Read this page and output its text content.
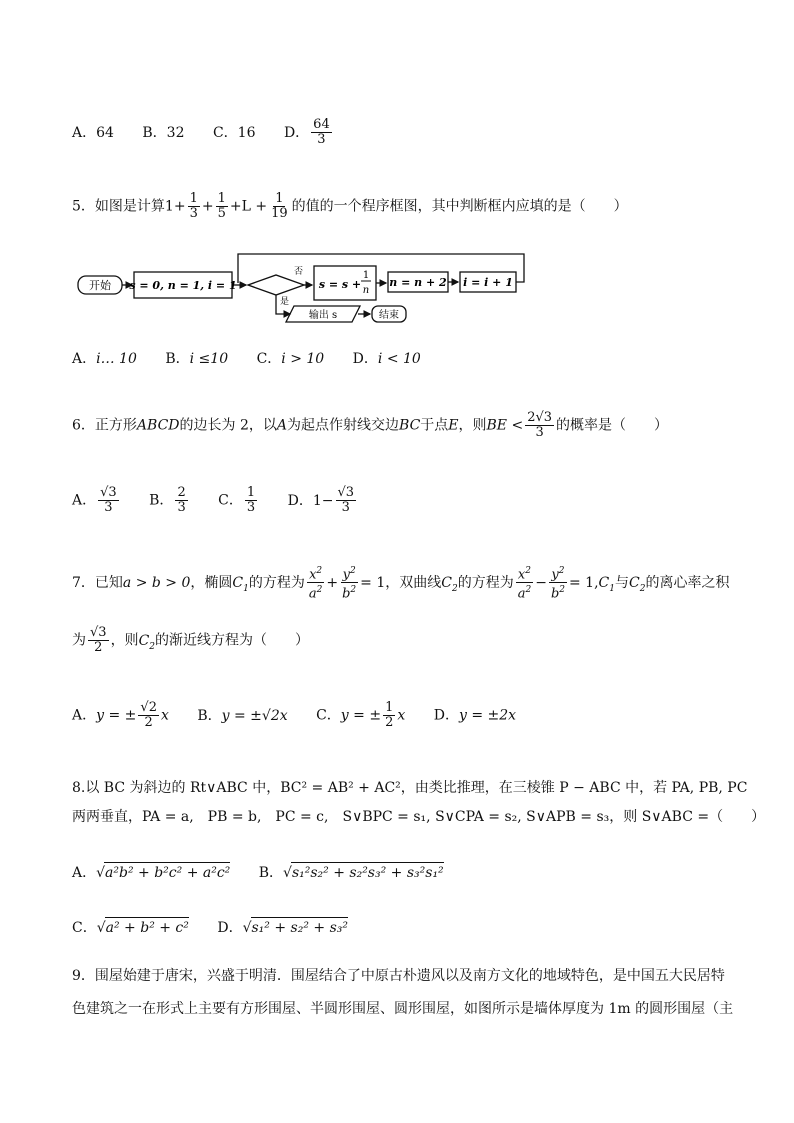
A．64 B．32 C．16 D． $\frac{64}{3}$
5．如图是计算$1+ \frac{1}{3} + \frac{1}{5} +L + \frac{1}{19}$ 的值的一个程序框图，其中判断框内应填的是（　　）
开始 s = 0, n = 1, i = 1
否
是
s = s +
1
n
n = n + 2 i = i + 1
输出 s	结束
A．i… 10 B．i ≤10 C．i > 10 D．i < 10
6．正方形ABCD的边长为 2，以A为起点作射线交边BC于点E，则BE < $\frac{2√3}{3}$ 的概率是（　　）
A． $\frac{√3}{3}$ B． $\frac{2}{3}$ C． $\frac{1}{3}$ D．$1- \frac{√3}{3}$
7．已知a > b > 0，椭圆$C_1$的方程为 $\frac{x^2}{a^2} + \frac{y^2}{b^2} = 1$，双曲线$C_2$的方程为 $\frac{x^2}{a^2} - \frac{y^2}{b^2} = 1,C_1$与$C_2$的离心率之积
为 $\frac{√3}{2}$ ，则$C_2$的渐近线方程为（　　）
A．y = ± $\frac{√2}{2}$ x B．y = ±√2x C．y = ± $\frac{1}{2}$ x D．y = ±2x
8.以 BC 为斜边的 Rt∨ABC 中，BC² = AB² + AC²，由类比推理，在三棱锥 P − ABC 中，若 PA, PB, PC
两两垂直，PA = a,　PB = b,　PC = c,　S∨BPC = s₁, S∨CPA = s₂, S∨APB = s₃，则 S∨ABC =（　　）
A． √ a²b² + b²c² + a²c² B． √ s₁²s₂² + s₂²s₃² + s₃²s₁²
C． √ a² + b² + c² D． √ s₁² + s₂² + s₃²
9．围屋始建于唐宋，兴盛于明清．围屋结合了中原古朴遗风以及南方文化的地域特色，是中国五大民居特
色建筑之一在形式上主要有方形围屋、半圆形围屋、圆形围屋，如图所示是墙体厚度为 1m 的圆形围屋（主
